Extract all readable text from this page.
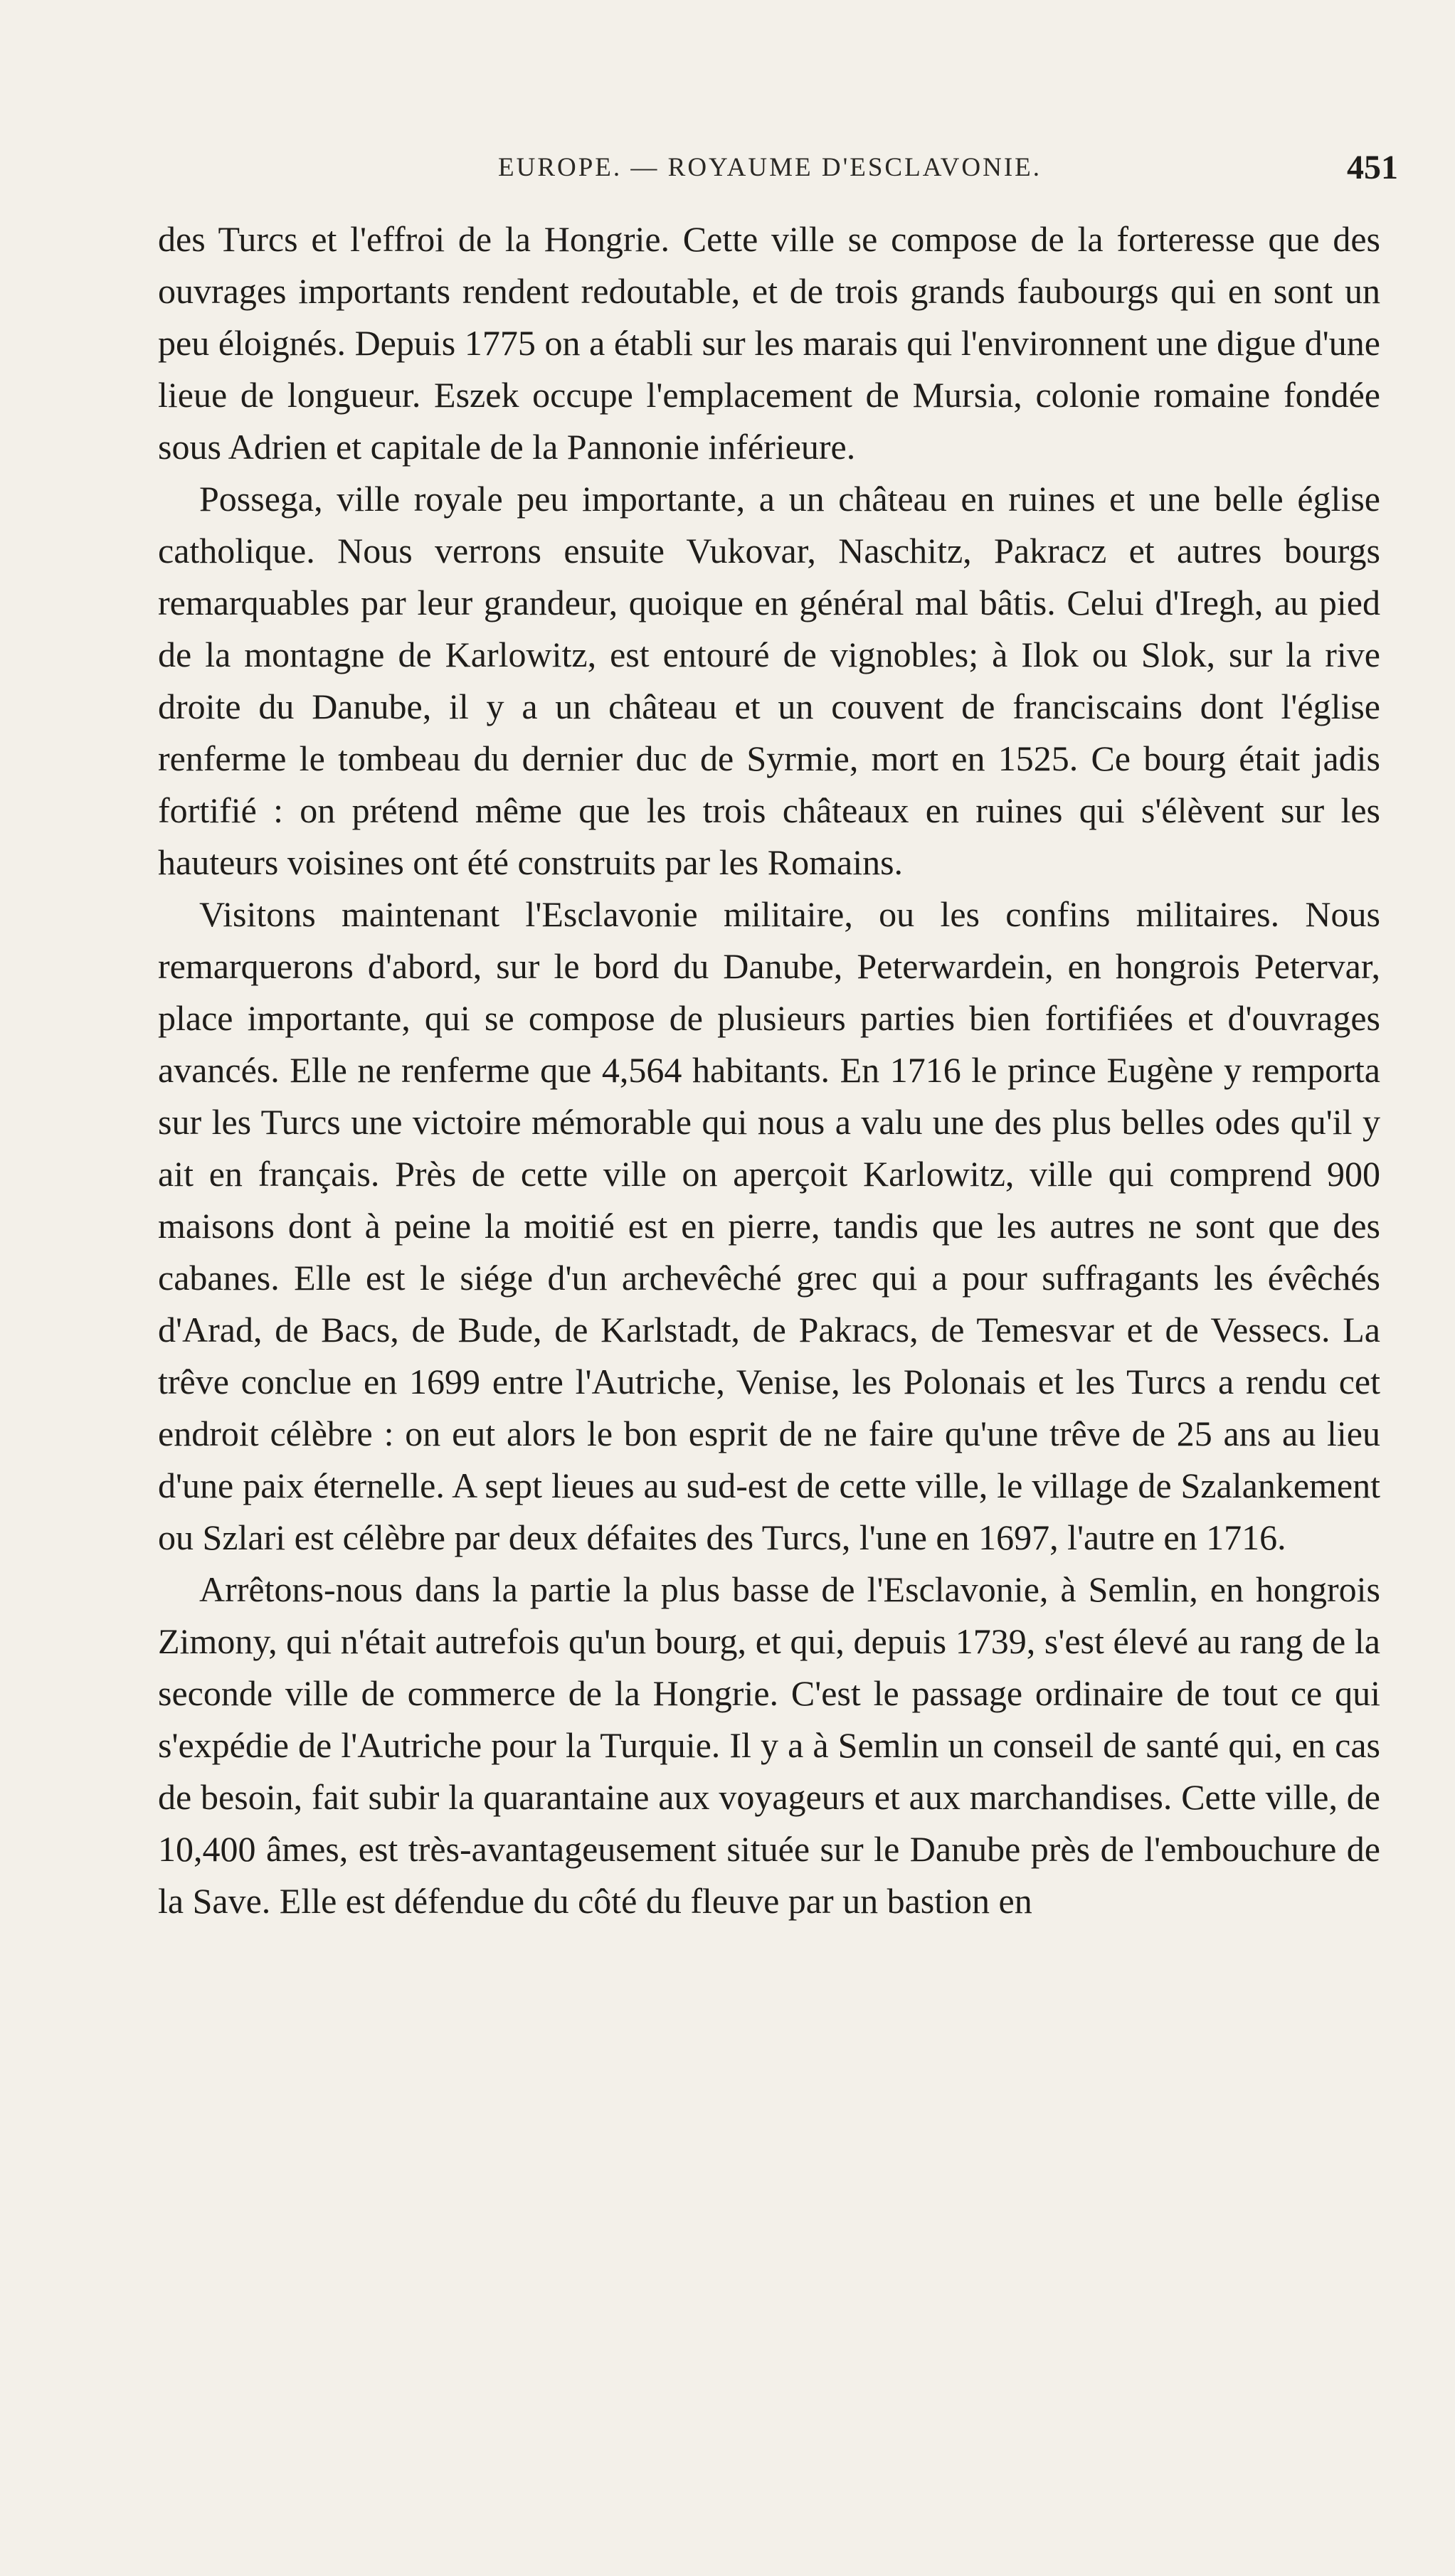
EUROPE. — ROYAUME D'ESCLAVONIE.	451

des Turcs et l'effroi de la Hongrie. Cette ville se compose de la forteresse que des ouvrages importants rendent redoutable, et de trois grands faubourgs qui en sont un peu éloignés. Depuis 1775 on a établi sur les marais qui l'environnent une digue d'une lieue de longueur. Eszek occupe l'emplacement de Mursia, colonie romaine fondée sous Adrien et capitale de la Pannonie inférieure.

Possega, ville royale peu importante, a un château en ruines et une belle église catholique. Nous verrons ensuite Vukovar, Naschitz, Pakracz et autres bourgs remarquables par leur grandeur, quoique en général mal bâtis. Celui d'Iregh, au pied de la montagne de Karlowitz, est entouré de vignobles; à Ilok ou Slok, sur la rive droite du Danube, il y a un château et un couvent de franciscains dont l'église renferme le tombeau du dernier duc de Syrmie, mort en 1525. Ce bourg était jadis fortifié : on prétend même que les trois châteaux en ruines qui s'élèvent sur les hauteurs voisines ont été construits par les Romains.

Visitons maintenant l'Esclavonie militaire, ou les confins militaires. Nous remarquerons d'abord, sur le bord du Danube, Peterwardein, en hongrois Petervar, place importante, qui se compose de plusieurs parties bien fortifiées et d'ouvrages avancés. Elle ne renferme que 4,564 habitants. En 1716 le prince Eugène y remporta sur les Turcs une victoire mémorable qui nous a valu une des plus belles odes qu'il y ait en français. Près de cette ville on aperçoit Karlowitz, ville qui comprend 900 maisons dont à peine la moitié est en pierre, tandis que les autres ne sont que des cabanes. Elle est le siége d'un archevêché grec qui a pour suffragants les évêchés d'Arad, de Bacs, de Bude, de Karlstadt, de Pakracs, de Temesvar et de Vessecs. La trêve conclue en 1699 entre l'Autriche, Venise, les Polonais et les Turcs a rendu cet endroit célèbre : on eut alors le bon esprit de ne faire qu'une trêve de 25 ans au lieu d'une paix éternelle. A sept lieues au sud-est de cette ville, le village de Szalankement ou Szlari est célèbre par deux défaites des Turcs, l'une en 1697, l'autre en 1716.

Arrêtons-nous dans la partie la plus basse de l'Esclavonie, à Semlin, en hongrois Zimony, qui n'était autrefois qu'un bourg, et qui, depuis 1739, s'est élevé au rang de la seconde ville de commerce de la Hongrie. C'est le passage ordinaire de tout ce qui s'expédie de l'Autriche pour la Turquie. Il y a à Semlin un conseil de santé qui, en cas de besoin, fait subir la quarantaine aux voyageurs et aux marchandises. Cette ville, de 10,400 âmes, est très-avantageusement située sur le Danube près de l'embouchure de la Save. Elle est défendue du côté du fleuve par un bastion en
